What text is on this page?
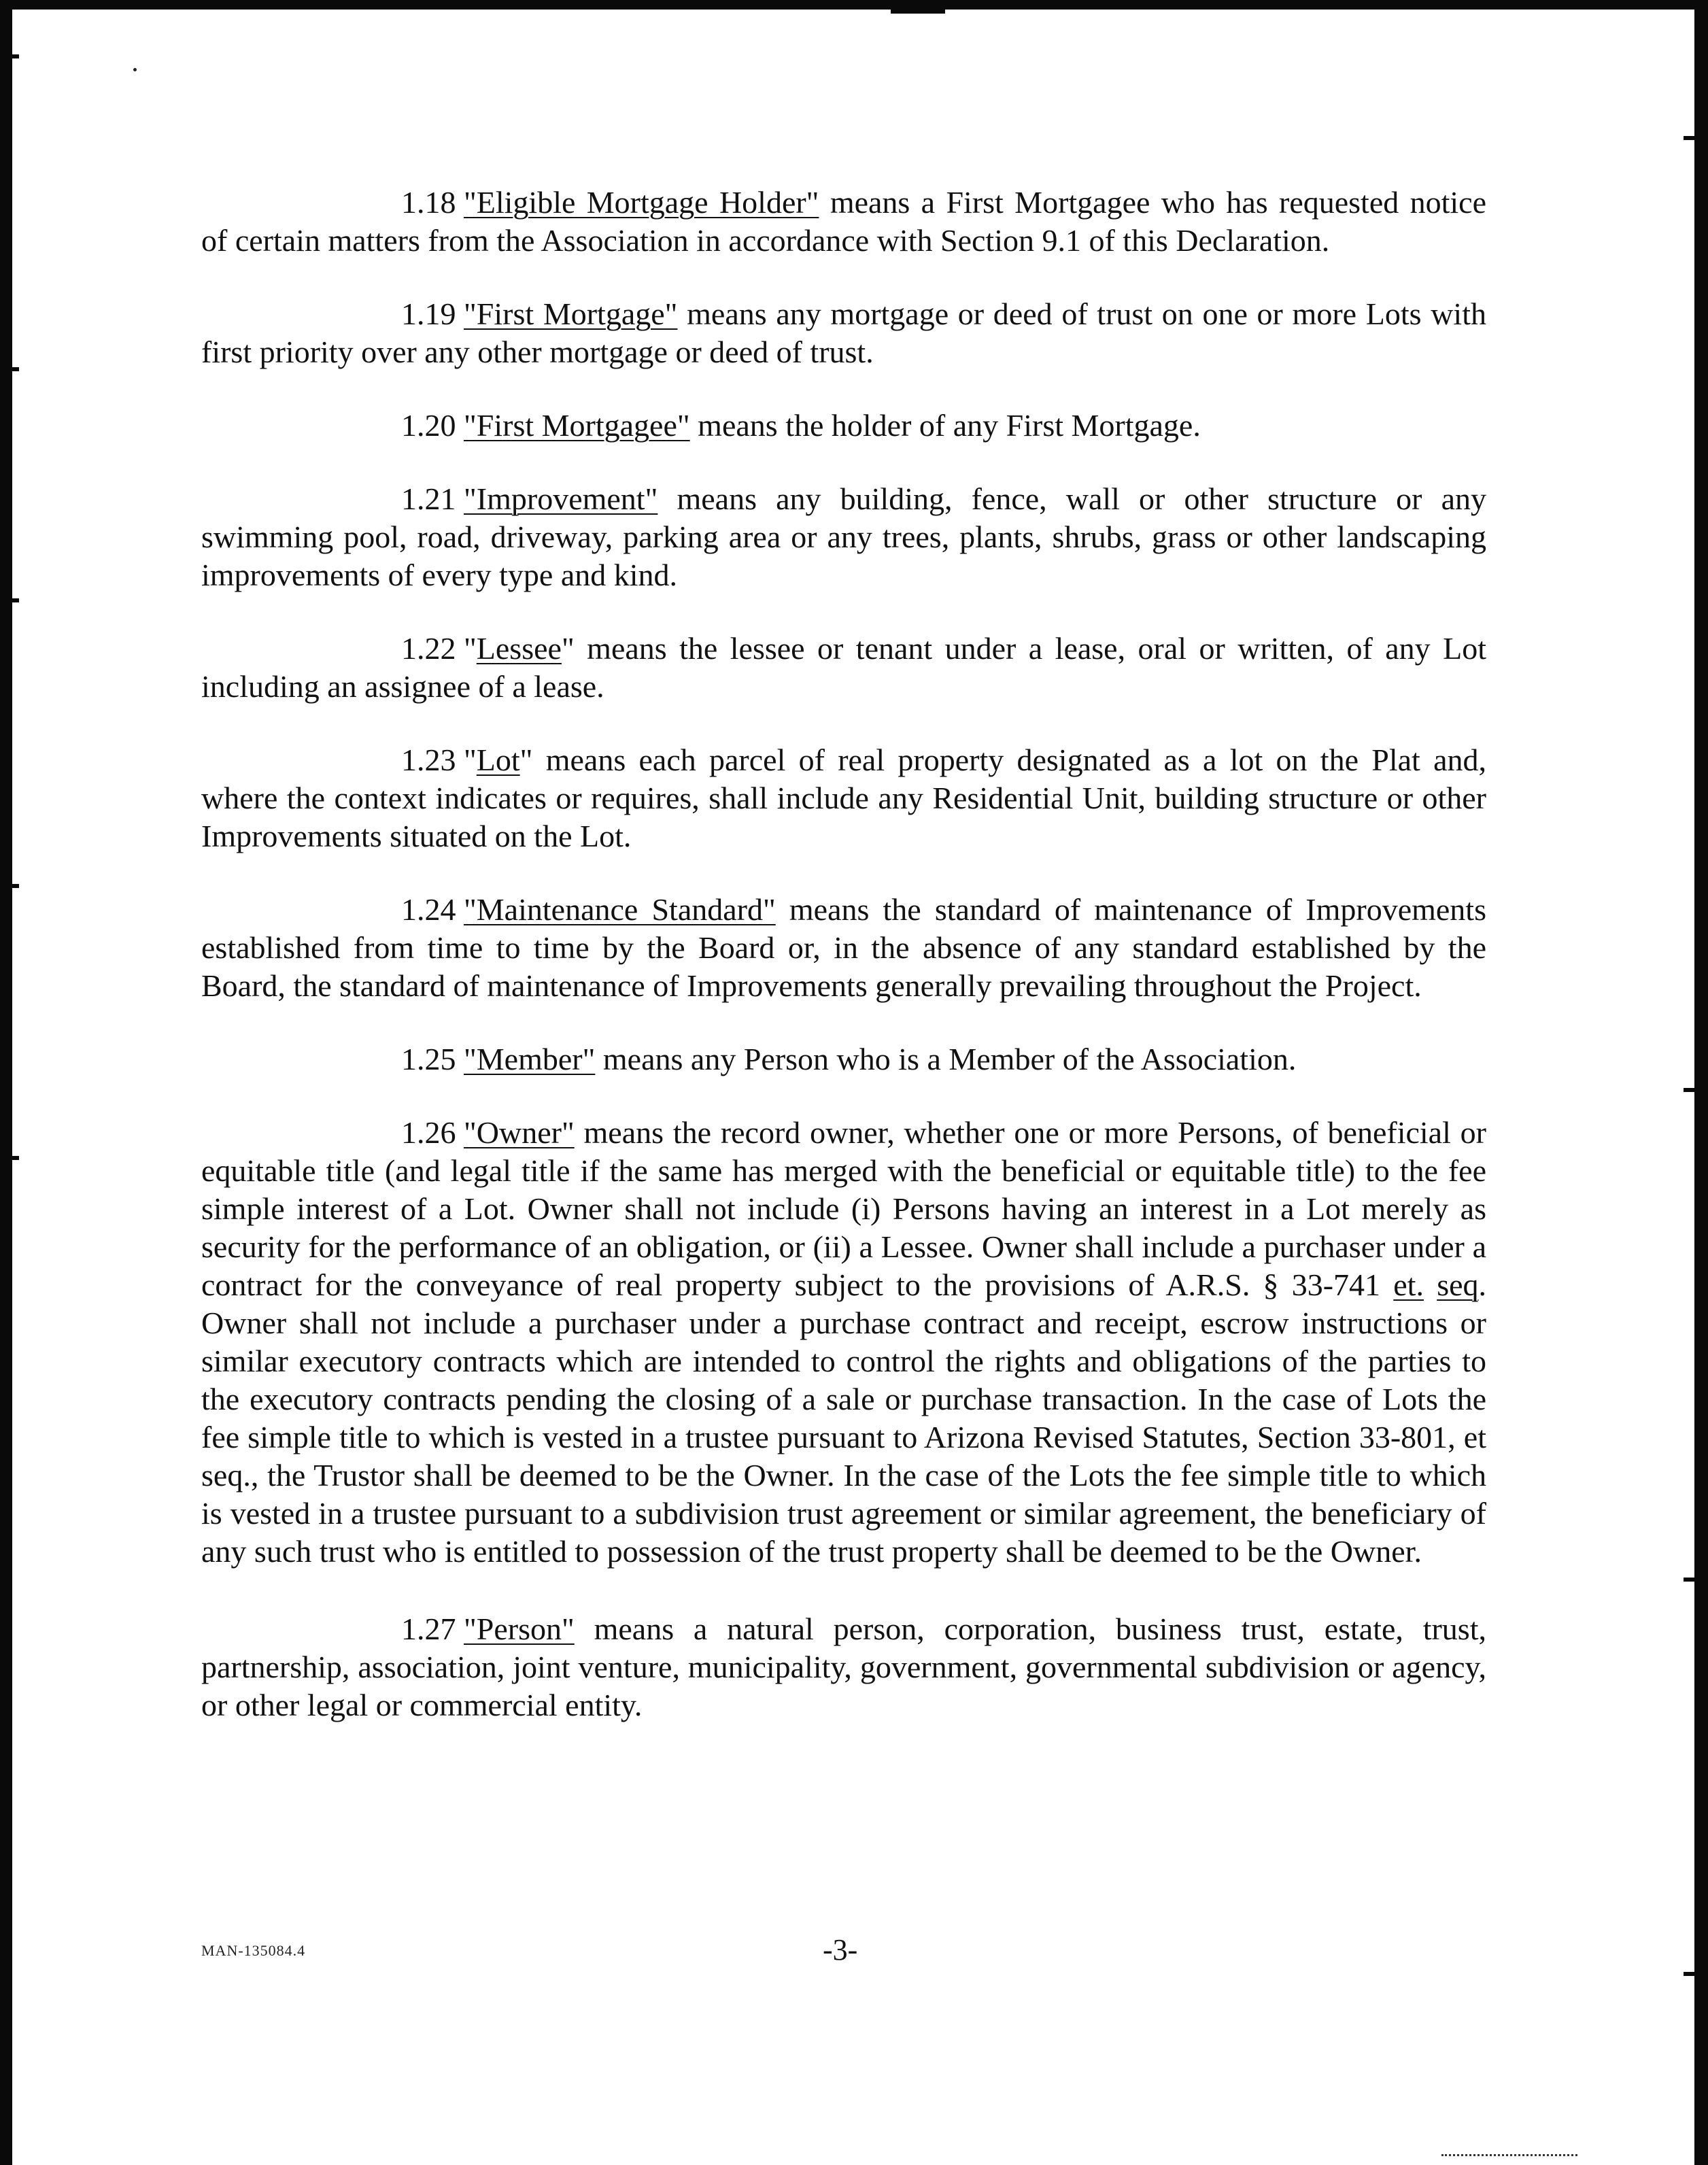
1.18 "Eligible Mortgage Holder" means a First Mortgagee who has requested notice of certain matters from the Association in accordance with Section 9.1 of this Declaration.

1.19 "First Mortgage" means any mortgage or deed of trust on one or more Lots with first priority over any other mortgage or deed of trust.

1.20 "First Mortgagee" means the holder of any First Mortgage.

1.21 "Improvement" means any building, fence, wall or other structure or any swimming pool, road, driveway, parking area or any trees, plants, shrubs, grass or other landscaping improvements of every type and kind.

1.22 "Lessee" means the lessee or tenant under a lease, oral or written, of any Lot including an assignee of a lease.

1.23 "Lot" means each parcel of real property designated as a lot on the Plat and, where the context indicates or requires, shall include any Residential Unit, building structure or other Improvements situated on the Lot.

1.24 "Maintenance Standard" means the standard of maintenance of Improvements established from time to time by the Board or, in the absence of any standard established by the Board, the standard of maintenance of Improvements generally prevailing throughout the Project.

1.25 "Member" means any Person who is a Member of the Association.

1.26 "Owner" means the record owner, whether one or more Persons, of beneficial or equitable title (and legal title if the same has merged with the beneficial or equitable title) to the fee simple interest of a Lot. Owner shall not include (i) Persons having an interest in a Lot merely as security for the performance of an obligation, or (ii) a Lessee. Owner shall include a purchaser under a contract for the conveyance of real property subject to the provisions of A.R.S. § 33-741 et. seq. Owner shall not include a purchaser under a purchase contract and receipt, escrow instructions or similar executory contracts which are intended to control the rights and obligations of the parties to the executory contracts pending the closing of a sale or purchase transaction. In the case of Lots the fee simple title to which is vested in a trustee pursuant to Arizona Revised Statutes, Section 33-801, et seq., the Trustor shall be deemed to be the Owner. In the case of the Lots the fee simple title to which is vested in a trustee pursuant to a subdivision trust agreement or similar agreement, the beneficiary of any such trust who is entitled to possession of the trust property shall be deemed to be the Owner.

1.27 "Person" means a natural person, corporation, business trust, estate, trust, partnership, association, joint venture, municipality, government, governmental subdivision or agency, or other legal or commercial entity.

MAN-135084.4	-3-
